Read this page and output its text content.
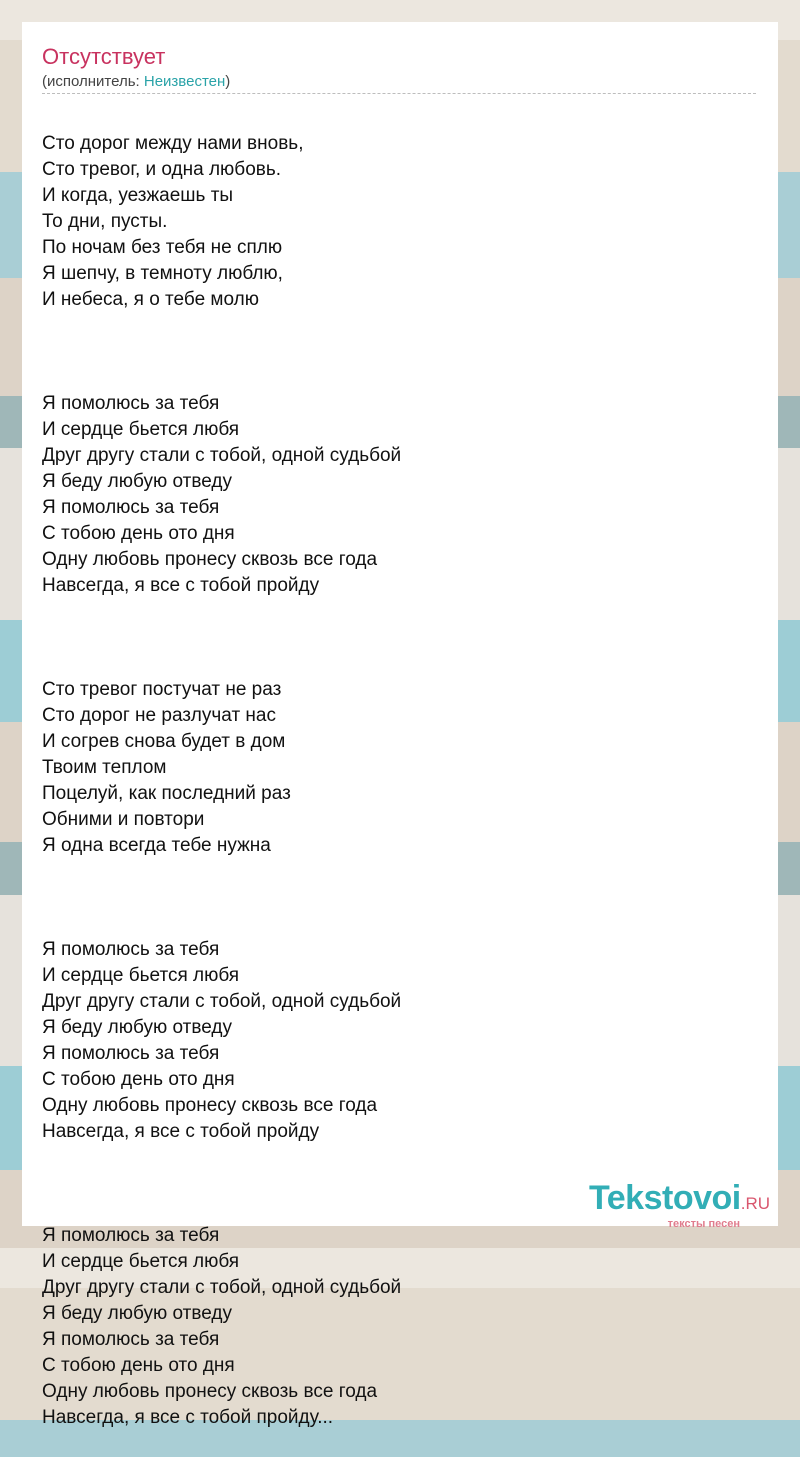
Отсутствует
(исполнитель: Неизвестен)

Сто дорог между нами вновь,
Сто тревог, и одна любовь.
И когда, уезжаешь ты
То дни, пусты.
По ночам без тебя не сплю
Я шепчу, в темноту люблю,
И небеса, я о тебе молю

Я помолюсь за тебя
И сердце бьется любя
Друг другу стали с тобой, одной судьбой
Я беду любую отведу
Я помолюсь за тебя
С тобою день ото дня
Одну любовь пронесу сквозь все года
Навсегда, я все с тобой пройду

Сто тревог постучат не раз
Сто дорог не разлучат нас
И согрев снова будет в дом
Твоим теплом
Поцелуй, как последний раз
Обними и повтори
Я одна всегда тебе нужна

Я помолюсь за тебя
И сердце бьется любя
Друг другу стали с тобой, одной судьбой
Я беду любую отведу
Я помолюсь за тебя
С тобою день ото дня
Одну любовь пронесу сквозь все года
Навсегда, я все с тобой пройду

Я помолюсь за тебя
И сердце бьется любя
Друг другу стали с тобой, одной судьбой
Я беду любую отведу
Я помолюсь за тебя
С тобою день ото дня
Одну любовь пронесу сквозь все года
Навсегда, я все с тобой пройду...

Tekstovoi.RU
тексты песен
